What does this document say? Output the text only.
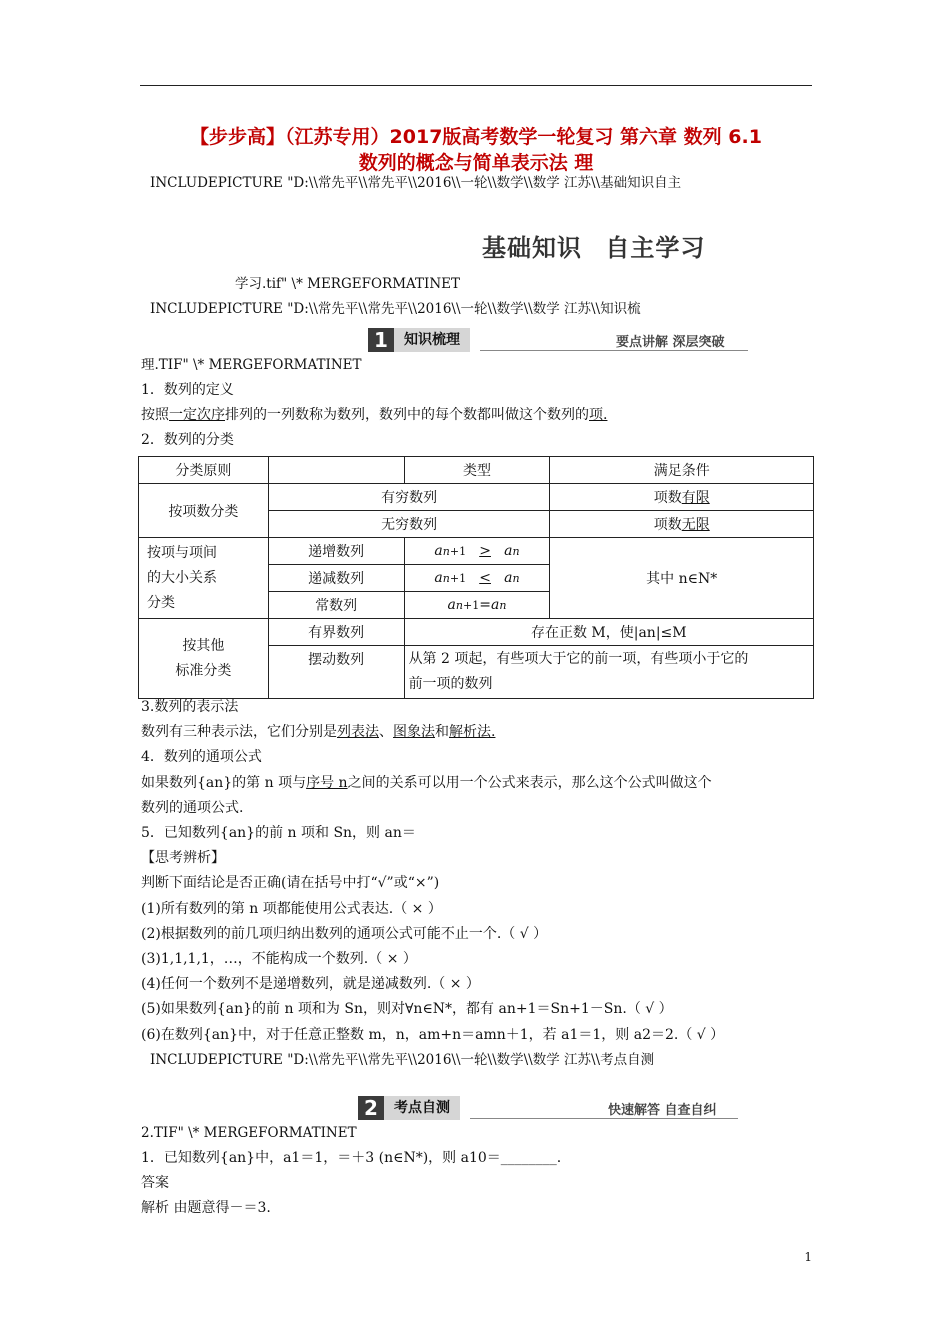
【步步高】（江苏专用）2017版高考数学一轮复习 第六章 数列 6.1
数列的概念与简单表示法 理
INCLUDEPICTURE "D:\\常先平\\常先平\\2016\\一轮\\数学\\数学 江苏\\基础知识自主
基础知识 自主学习
学习.tif" \* MERGEFORMATINET
INCLUDEPICTURE "D:\\常先平\\常先平\\2016\\一轮\\数学\\数学 江苏\\知识梳
1	知识梳理	要点讲解 深层突破
理.TIF" \* MERGEFORMATINET
1．数列的定义
按照一定次序排列的一列数称为数列，数列中的每个数都叫做这个数列的项.
2．数列的分类
分类原则		类型	满足条件
按项数分类	有穷数列		项数有限
	无穷数列		项数无限

按项与项间
的大小关系
分类	递增数列	an+1 > an	其中 n∈N*
	递减数列	an+1 < an	
	常数列	an+1=an	

按其他
标准分类	有界数列	存在正数 M，使|an|≤M	
	摆动数列	从第 2 项起，有些项大于它的前一项，有些项小于它的
前一项的数列	
3.数列的表示法
数列有三种表示法，它们分别是列表法、图象法和解析法.
4．数列的通项公式
如果数列{an}的第 n 项与序号 n之间的关系可以用一个公式来表示，那么这个公式叫做这个
数列的通项公式.
5．已知数列{an}的前 n 项和 Sn，则 an＝
【思考辨析】
判断下面结论是否正确(请在括号中打“√”或“×”)
(1)所有数列的第 n 项都能使用公式表达.（ × ）
(2)根据数列的前几项归纳出数列的通项公式可能不止一个.（ √ ）
(3)1,1,1,1，…，不能构成一个数列.（ × ）
(4)任何一个数列不是递增数列，就是递减数列.（ × ）
(5)如果数列{an}的前 n 项和为 Sn，则对∀n∈N*，都有 an+1＝Sn+1－Sn.（ √ ）
(6)在数列{an}中，对于任意正整数 m，n，am+n＝amn＋1，若 a1＝1，则 a2＝2.（ √ ）
INCLUDEPICTURE "D:\\常先平\\常先平\\2016\\一轮\\数学\\数学 江苏\\考点自测
2	考点自测	快速解答 自查自纠
2.TIF" \* MERGEFORMATINET
1．已知数列{an}中，a1＝1，＝＋3 (n∈N*)，则 a10＝________.
答案
解析 由题意得－＝3.
1
